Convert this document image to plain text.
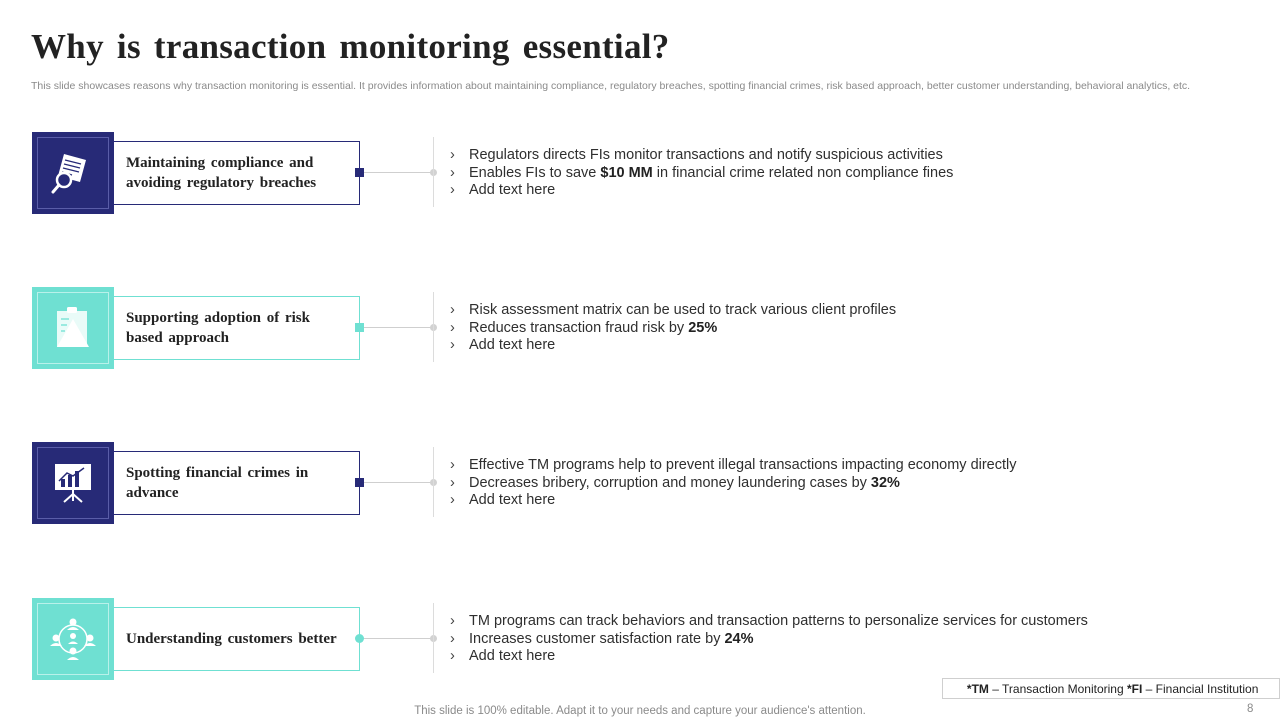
Why is transaction monitoring essential?
This slide showcases reasons why transaction monitoring is essential. It provides information about maintaining compliance, regulatory breaches, spotting financial crimes, risk based approach, better customer understanding, behavioral analytics, etc.
Maintaining compliance and avoiding regulatory breaches
› Regulators directs FIs monitor transactions and notify suspicious activities
› Enables FIs to save $10 MM in financial crime related non compliance fines
› Add text here
Supporting adoption of risk based approach
› Risk assessment matrix can be used to track various client profiles
› Reduces transaction fraud risk by 25%
› Add text here
Spotting financial crimes in advance
› Effective TM programs help to prevent illegal transactions impacting economy directly
› Decreases bribery, corruption and money laundering cases by 32%
› Add text here
Understanding customers better
› TM programs can track behaviors and transaction patterns to personalize services for customers
› Increases customer satisfaction rate by 24%
› Add text here

*TM – Transaction Monitoring *FI – Financial Institution
This slide is 100% editable. Adapt it to your needs and capture your audience's attention.	8
